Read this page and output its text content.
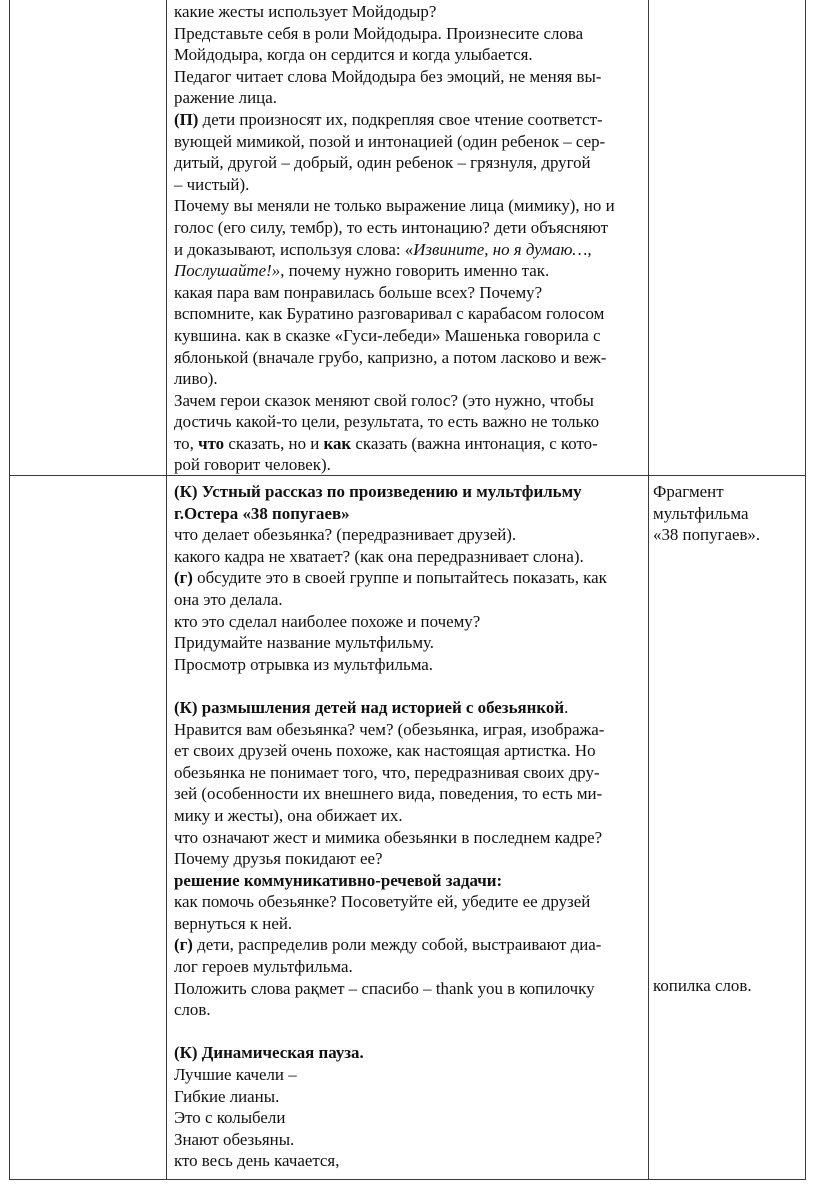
какие жесты использует Мойдодыр?
Представьте себя в роли Мойдодыра. Произнесите слова
Мойдодыра, когда он сердится и когда улыбается.
Педагог читает слова Мойдодыра без эмоций, не меняя вы-
ражение лица.
(П) дети произносят их, подкрепляя свое чтение соответст-
вующей мимикой, позой и интонацией (один ребенок – сер-
дитый, другой – добрый, один ребенок – грязнуля, другой
– чистый).
Почему вы меняли не только выражение лица (мимику), но и
голос (его силу, тембр), то есть интонацию? дети объясняют
и доказывают, используя слова: «Извините, но я думаю…,
Послушайте!», почему нужно говорить именно так.
какая пара вам понравилась больше всех? Почему?
вспомните, как Буратино разговаривал с карабасом голосом
кувшина. как в сказке «Гуси-лебеди» Машенька говорила с
яблонькой (вначале грубо, капризно, а потом ласково и веж-
ливо).
Зачем герои сказок меняют свой голос? (это нужно, чтобы
достичь какой-то цели, результата, то есть важно не только
то, что сказать, но и как сказать (важна интонация, с кото-
рой говорит человек).
(К) Устный рассказ по произведению и мультфильму
г.Остера «38 попугаев»
что делает обезьянка? (передразнивает друзей).
какого кадра не хватает? (как она передразнивает слона).
(г) обсудите это в своей группе и попытайтесь показать, как
она это делала.
кто это сделал наиболее похоже и почему?
Придумайте название мультфильму.
Просмотр отрывка из мультфильма.
(К) размышления детей над историей с обезьянкой.
Нравится вам обезьянка? чем? (обезьянка, играя, изобража-
ет своих друзей очень похоже, как настоящая артистка. Но
обезьянка не понимает того, что, передразнивая своих дру-
зей (особенности их внешнего вида, поведения, то есть ми-
мику и жесты), она обижает их.
что означают жест и мимика обезьянки в последнем кадре?
Почему друзья покидают ее?
решение коммуникативно-речевой задачи:
как помочь обезьянке? Посоветуйте ей, убедите ее друзей
вернуться к ней.
(г) дети, распределив роли между собой, выстраивают диа-
лог героев мультфильма.
Положить слова рақмет – спасибо – thank you в копилочку
слов.
(К) Динамическая пауза.
Лучшие качели –
Гибкие лианы.
Это с колыбели
Знают обезьяны.
кто весь день качается,
Фрагмент
мультфильма
«38 попугаев».
копилка слов.
